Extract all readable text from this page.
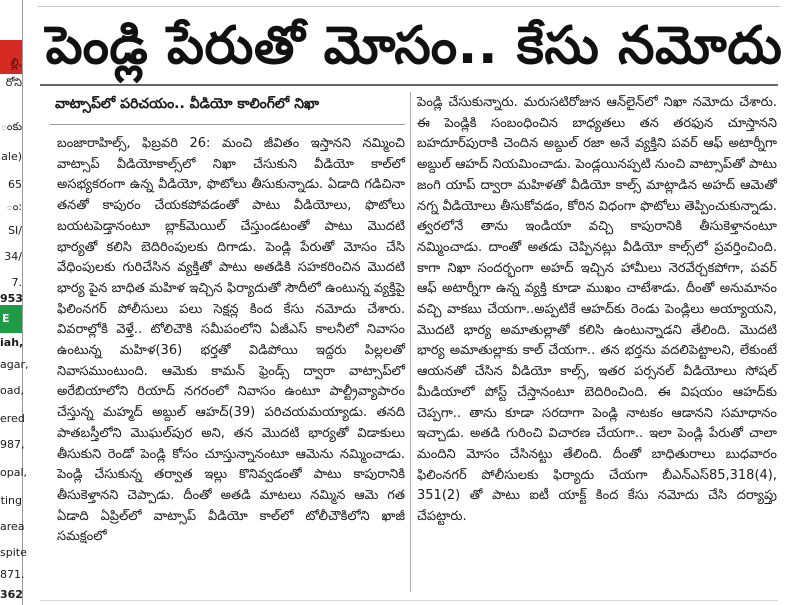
ల్లి,
రోని
ంకు
ale)
65
ం:
SI/
34/
7.
953
E
iah,
agar,
oad,
ered
987,
opal,
ting
area
spite
871.
362
పెండ్లి పేరుతో మోసం.. కేసు నమోదు
వాట్సాప్‌లో పరిచయం.. వీడియో కాలింగ్‌లో నిఖా
బంజారాహిల్స్, ఫిబ్రవరి 26: మంచి జీవితం ఇస్తానని నమ్మించి వాట్సాప్ వీడియోకాల్స్‌లో నిఖా చేసుకుని వీడియో కాల్‌లో అసభ్యకరంగా ఉన్న వీడియో, ఫొటోలు తీసుకున్నాడు. ఏడాది గడిచినా తనతో కాపురం చేయకపోవడంతో పాటు వీడియోలు, ఫొటోలు బయటపెడ్తానంటూ బ్లాక్‌మెయిల్ చేస్తుండటంతో పాటు మొదటి భార్యతో కలిసి బెదిరింపులకు దిగాడు. పెండ్లి పేరుతో మోసం చేసి వేధింపులకు గురిచేసిన వ్యక్తితో పాటు అతడికి సహకరించిన మొదటి భార్య పైన బాధిత మహిళ ఇచ్చిన ఫిర్యాదుతో సౌదీలో ఉంటున్న వ్యక్తిపై ఫిలింనగర్ పోలీసులు పలు సెక్షన్ల కింద కేసు నమోదు చేశారు. వివరాల్లోకి వెళ్తే.. టోలిచౌకి సమీపంలోని ఏజీఎస్ కాలనీలో నివాసం ఉంటున్న మహిళ(36) భర్తతో విడిపోయి ఇద్దరు పిల్లలతో నివాసముంటుంది. ఆమెకు కామన్ ఫ్రెండ్స్ ద్వారా వాట్సాప్‌లో అరేబియాలోని రియాద్ నగరంలో నివాసం ఉంటూ పాల్ట్రీవ్యాపారం చేస్తున్న మహ్మద్ అబ్దుల్ ఆహద్(39) పరిచయమయ్యాడు. తనది పాతబస్తీలోని మొఘల్‌పుర అని, తన మొదటి భార్యతో విడాకులు తీసుకుని రెండో పెండ్లి కోసం చూస్తున్నానంటూ ఆమెను నమ్మించాడు. పెండ్లి చేసుకున్న తర్వాత ఇల్లు కొనివ్వడంతో పాటు కాపురానికి తీసుకెళ్తానని చెప్పాడు. దీంతో అతడి మాటలు నమ్మిన ఆమె గత ఏడాది ఏప్రిల్‌లో వాట్సాప్ వీడియో కాల్‌లో టోలీచౌకిలోని ఖాజీ సమక్షంలో
పెండ్లి చేసుకున్నారు. మరుసటిరోజున ఆన్‌లైన్‌లో నిఖా నమోదు చేశారు. ఈ పెండ్లికి సంబంధించిన బాధ్యతలు తన తరఫున చూస్తానని బహదూర్‌పురాకి చెందిన అబ్దుల్ రజా అనే వ్యక్తిని పవర్ ఆఫ్ అటార్నీగా అబ్దుల్ ఆహద్ నియమించాడు. పెండ్లయినప్పటి నుంచి వాట్సాప్‌తో పాటు జంగి యాప్ ద్వారా మహిళతో వీడియో కాల్స్ మాట్లాడిన అహద్ ఆమెతో నగ్న వీడియోలు తీసుకోవడం, కోరిన విధంగా ఫొటోలు తెప్పించుకున్నాడు. త్వరలోనే తాను ఇండియా వచ్చి కాపురానికి తీసుకెళ్తానంటూ నమ్మించాడు. దాంతో అతడు చెప్పినట్లు వీడియో కాల్స్‌లో ప్రవర్తించింది. కాగా నిఖా సందర్భంగా అహద్ ఇచ్చిన హామీలు నెరవేర్చకపోగా, పవర్ ఆఫ్ అటార్నీగా ఉన్న వ్యక్తి కూడా ముఖం చాటేశాడు. దీంతో అనుమానం వచ్చి వాకబు చేయగా..అప్పటికే ఆహద్‌కు రెండు పెండ్లిలు అయ్యాయని, మొదటి భార్య అమాతుల్లాతో కలిసి ఉంటున్నాడని తేలింది. మొదటి భార్య అమాతుల్లాకు కాల్ చేయగా.. తన భర్తను వదలిపెట్టాలని, లేకుంటే ఆయనతో చేసిన వీడియో కాల్స్, ఇతర పర్సనల్ వీడియోలు సోషల్ మీడియాలో పోస్ట్ చేస్తానంటూ బెదిరించింది. ఈ విషయం ఆహద్‌కు చెప్పగా.. తాను కూడా సరదాగా పెండ్లి నాటకం ఆడానని సమాధానం ఇచ్చాడు. అతడి గురించి విచారణ చేయగా.. ఇలా పెండ్లి పేరుతో చాలా మందిని మోసం చేసినట్టు తేలింది. దీంతో బాధితురాలు బుధవారం ఫిలింనగర్ పోలీసులకు ఫిర్యాదు చేయగా బీఎన్ఎస్85,318(4), 351(2) తో పాటు ఐటీ యాక్ట్ కింద కేసు నమోదు చేసి దర్యాప్తు చేపట్టారు.
